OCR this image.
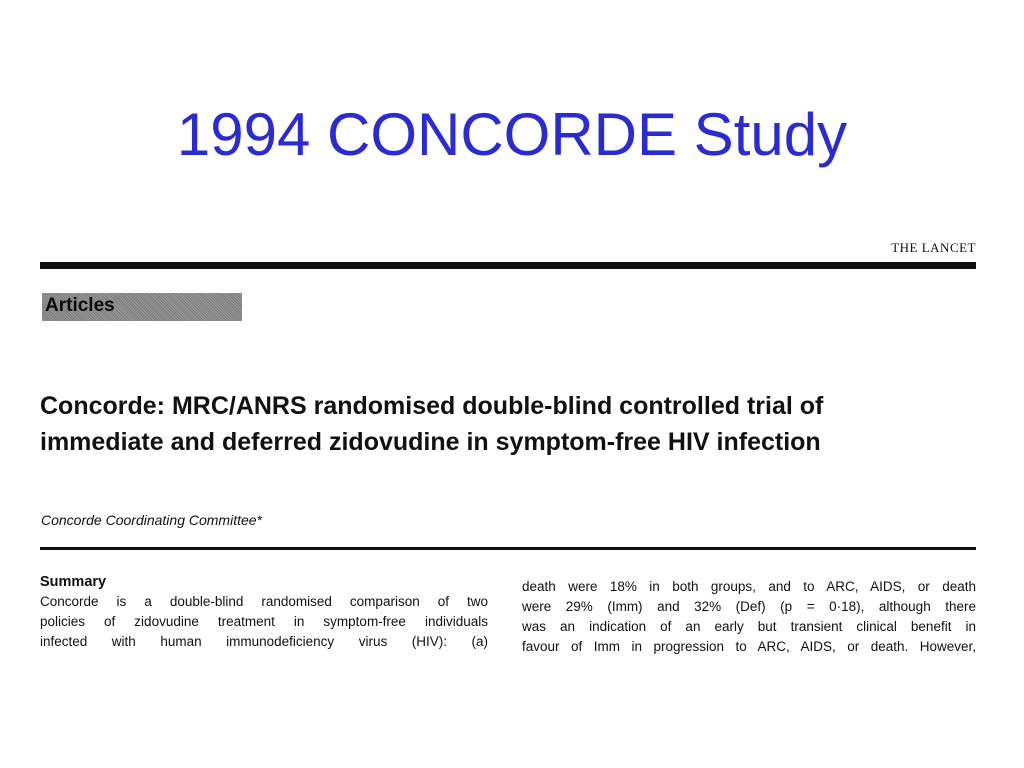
1994 CONCORDE Study
THE LANCET
Articles
Concorde: MRC/ANRS randomised double-blind controlled trial of
immediate and deferred zidovudine in symptom-free HIV infection
Concorde Coordinating Committee*

Summary

Concorde is a double-blind randomised comparison of two
policies of zidovudine treatment in symptom-free individuals
infected with human immunodeficiency virus (HIV): (a)
death were 18% in both groups, and to ARC, AIDS, or death
were 29% (Imm) and 32% (Def) (p = 0·18), although there
was an indication of an early but transient clinical benefit in
favour of Imm in progression to ARC, AIDS, or death. However,
